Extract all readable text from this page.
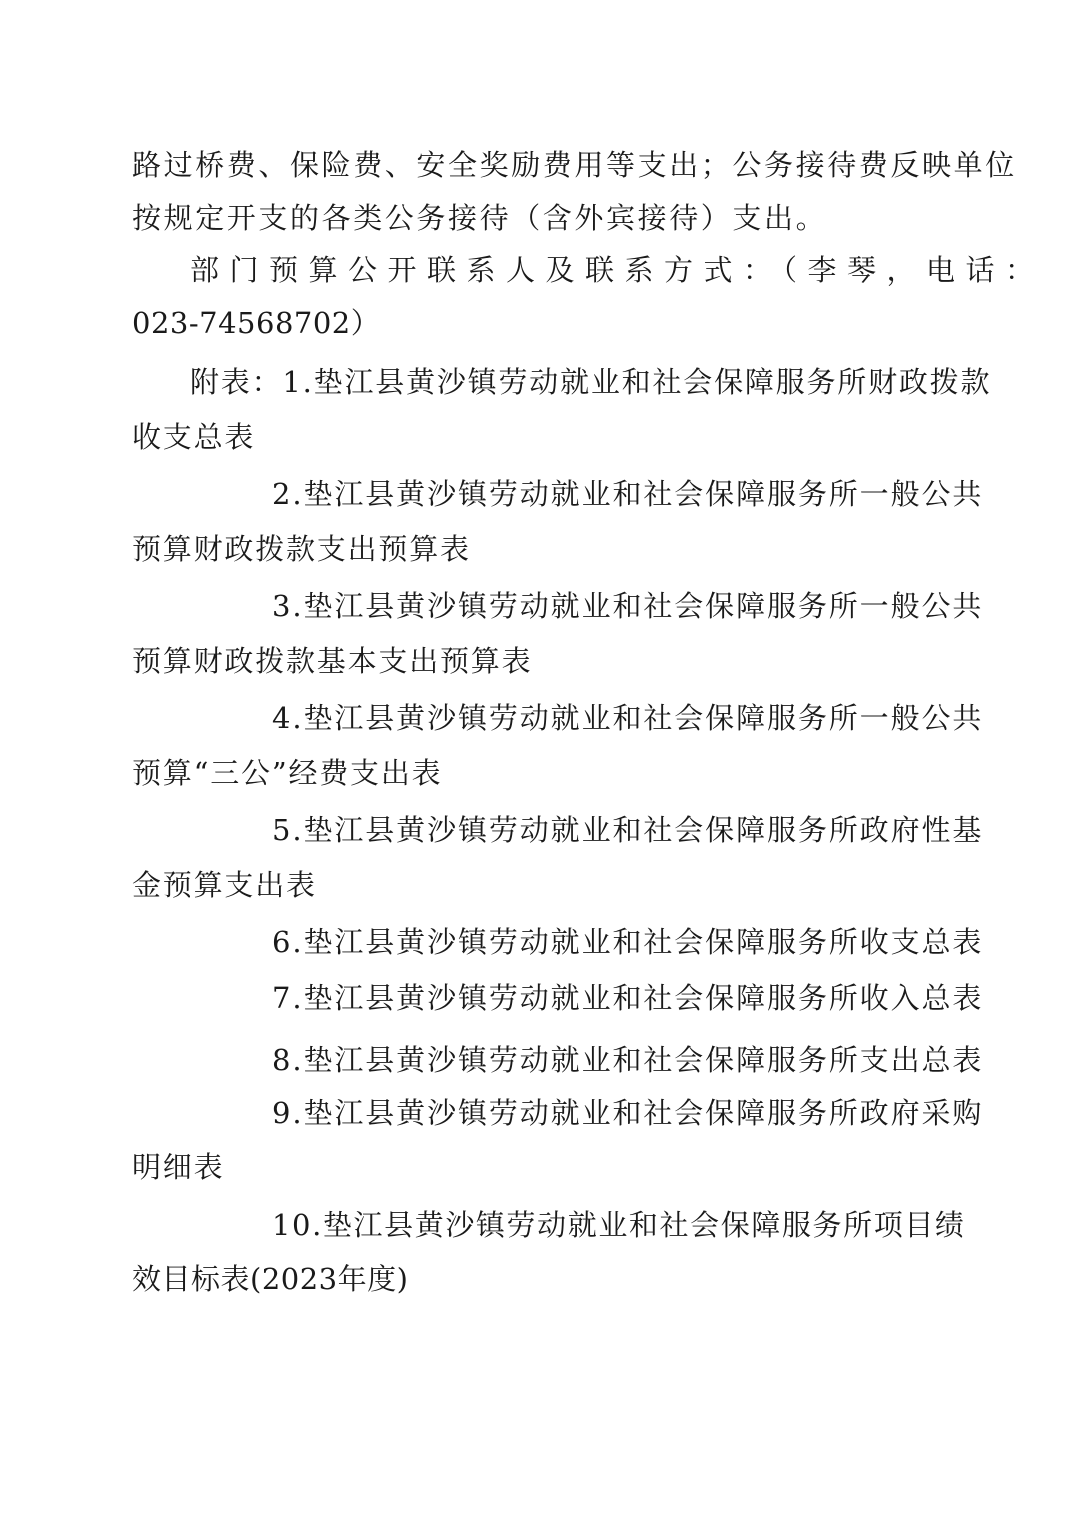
路过桥费、保险费、安全奖励费用等支出；公务接待费反映单位

按规定开支的各类公务接待（含外宾接待）支出。

部门预算公开联系人及联系方式：（李琴，电话：

023-74568702）

附表：1.垫江县黄沙镇劳动就业和社会保障服务所财政拨款

收支总表

2.垫江县黄沙镇劳动就业和社会保障服务所一般公共

预算财政拨款支出预算表

3.垫江县黄沙镇劳动就业和社会保障服务所一般公共

预算财政拨款基本支出预算表

4.垫江县黄沙镇劳动就业和社会保障服务所一般公共

预算“三公”经费支出表

5.垫江县黄沙镇劳动就业和社会保障服务所政府性基

金预算支出表

6.垫江县黄沙镇劳动就业和社会保障服务所收支总表

7.垫江县黄沙镇劳动就业和社会保障服务所收入总表

8.垫江县黄沙镇劳动就业和社会保障服务所支出总表

9.垫江县黄沙镇劳动就业和社会保障服务所政府采购

明细表

10.垫江县黄沙镇劳动就业和社会保障服务所项目绩

效目标表(2023年度)
